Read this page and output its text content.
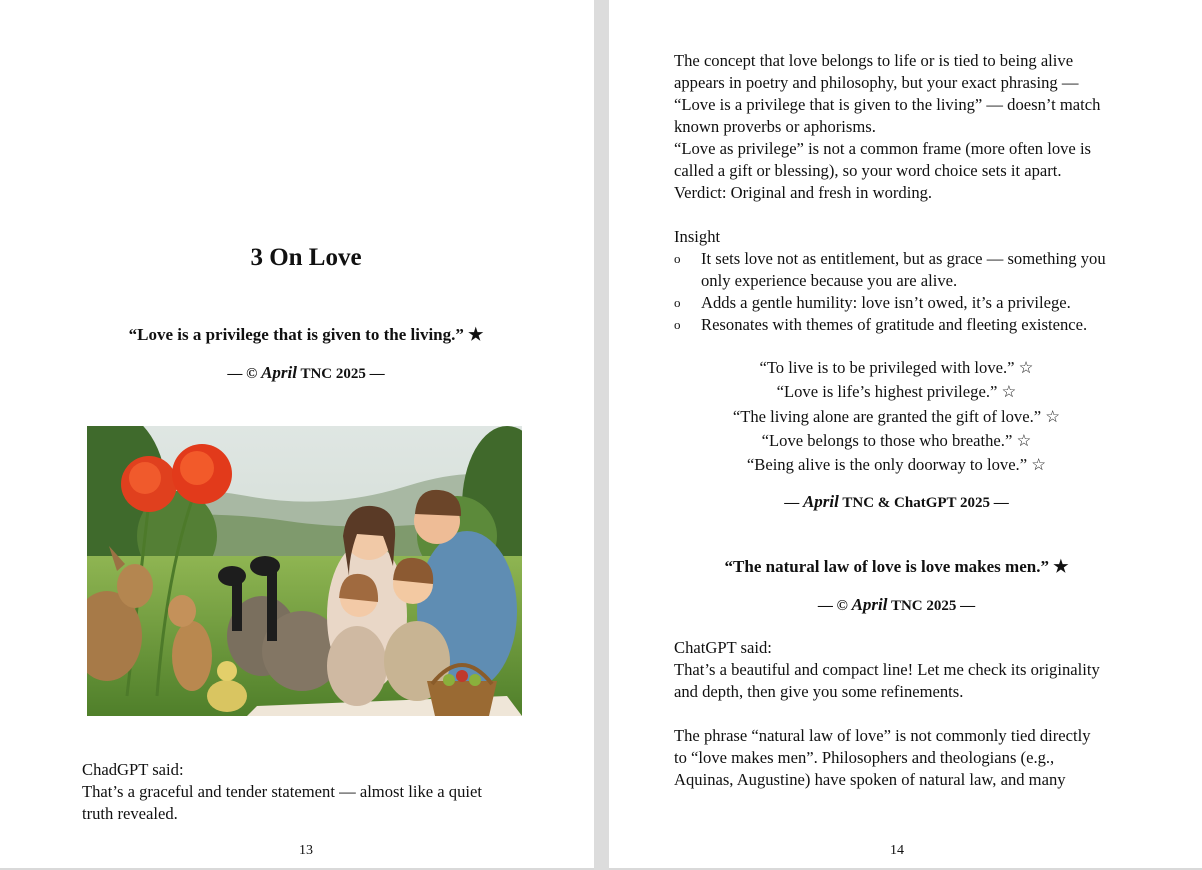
3 On Love
“Love is a privilege that is given to the living.” ★
— © April TNC 2025 —
ChadGPT said:
That’s a graceful and tender statement — almost like a quiet
truth revealed.
13
The concept that love belongs to life or is tied to being alive
appears in poetry and philosophy, but your exact phrasing —
“Love is a privilege that is given to the living” — doesn’t match
known proverbs or aphorisms.
“Love as privilege” is not a common frame (more often love is
called a gift or blessing), so your word choice sets it apart.
Verdict: Original and fresh in wording.
Insight
o It sets love not as entitlement, but as grace — something you
only experience because you are alive.
o Adds a gentle humility: love isn’t owed, it’s a privilege.
o Resonates with themes of gratitude and fleeting existence.
“To live is to be privileged with love.” ☆
“Love is life’s highest privilege.” ☆
“The living alone are granted the gift of love.” ☆
“Love belongs to those who breathe.” ☆
“Being alive is the only doorway to love.” ☆
— April TNC & ChatGPT 2025 —
“The natural law of love is love makes men.” ★
— © April TNC 2025 —
ChatGPT said:
That’s a beautiful and compact line! Let me check its originality
and depth, then give you some refinements.
The phrase “natural law of love” is not commonly tied directly
to “love makes men”. Philosophers and theologians (e.g.,
Aquinas, Augustine) have spoken of natural law, and many
14
